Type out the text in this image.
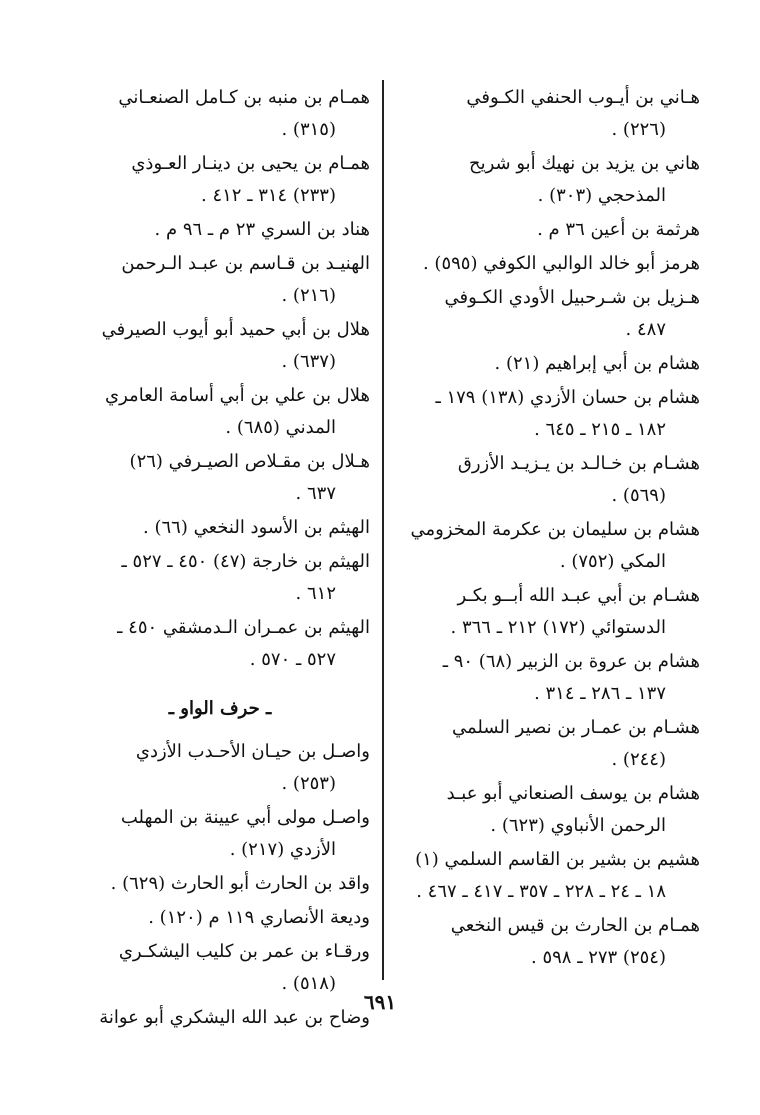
هـاني بن أيـوب الحنفي الكـوفي
(٢٢٦) .
هاني بن يزيد بن نهيك أبو شريح
المذحجي (٣٠٣) .
هرثمة بن أعين ٣٦ م .
هرمز أبو خالد الوالبي الكوفي (٥٩٥) .
هـزيل بن شـرحبيل الأودي الكـوفي
٤٨٧ .
هشام بن أبي إبراهيم (٢١) .
هشام بن حسان الأزدي (١٣٨) ١٧٩ ـ
١٨٢ ـ ٢١٥ ـ ٦٤٥ .
هشـام بن خـالـد بن يـزيـد الأزرق
(٥٦٩) .
هشام بن سليمان بن عكرمة المخزومي
المكي (٧٥٢) .
هشـام بن أبي عبـد الله أبــو بكـر
الدستوائي (١٧٢) ٢١٢ ـ ٣٦٦ .
هشام بن عروة بن الزبير (٦٨) ٩٠ ـ
١٣٧ ـ ٢٨٦ ـ ٣١٤ .
هشـام بن عمـار بن نصير السلمي
(٢٤٤) .
هشام بن يوسف الصنعاني أبو عبـد
الرحمن الأنباوي (٦٢٣) .
هشيم بن بشير بن القاسم السلمي (١)
١٨ ـ ٢٤ ـ ٢٢٨ ـ ٣٥٧ ـ ٤١٧ ـ ٤٦٧ .
همـام بن الحارث بن قيس النخعي
(٢٥٤) ٢٧٣ ـ ٥٩٨ .
همـام بن منبه بن كـامل الصنعـاني
(٣١٥) .
همـام بن يحيى بن دينـار العـوذي
(٢٣٣) ٣١٤ ـ ٤١٢ .
هناد بن السري ٢٣ م ـ ٩٦ م .
الهنيـد بن قـاسم بن عبـد الـرحمن
(٢١٦) .
هلال بن أبي حميد أبو أيوب الصيرفي
(٦٣٧) .
هلال بن علي بن أبي أسامة العامري
المدني (٦٨٥) .
هـلال بن مقـلاص الصيـرفي (٢٦)
٦٣٧ .
الهيثم بن الأسود النخعي (٦٦) .
الهيثم بن خارجة (٤٧) ٤٥٠ ـ ٥٢٧ ـ
٦١٢ .
الهيثم بن عمـران الـدمشقي ٤٥٠ ـ
٥٢٧ ـ ٥٧٠ .
ـ حرف الواو ـ
واصـل بن حيـان الأحـدب الأزدي
(٢٥٣) .
واصـل مولى أبي عيينة بن المهلب
الأزدي (٢١٧) .
واقد بن الحارث أبو الحارث (٦٢٩) .
وديعة الأنصاري ١١٩ م (١٢٠) .
ورقـاء بن عمر بن كليب اليشكـري
(٥١٨) .
وضاح بن عبد الله اليشكري أبو عوانة
٦٩١
